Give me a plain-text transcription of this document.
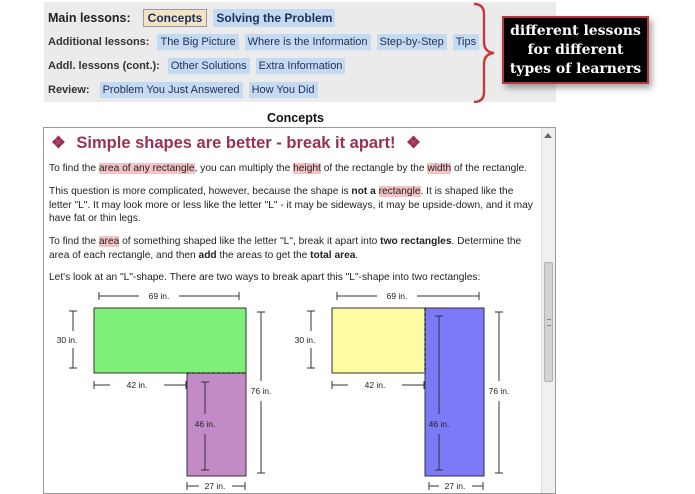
Main lessons:	Concepts	Solving the Problem
Additional lessons: The Big Picture Where is the Information Step-by-Step Tips
Addl. lessons (cont.): Other Solutions Extra Information
Review: Problem You Just Answered How You Did
different lessons
for different
types of learners
Concepts
❖ Simple shapes are better - break it apart! ❖
To find the area of any rectangle, you can multiply the height of the rectangle by the width of the rectangle.
This question is more complicated, however, because the shape is not a rectangle. It is shaped like the letter "L". It may look more or less like the letter "L" - it may be sideways, it may be upside-down, and it may have fat or thin legs.
To find the area of something shaped like the letter "L", break it apart into two rectangles. Determine the area of each rectangle, and then add the areas to get the total area.
Let's look at an "L"-shape. There are two ways to break apart this "L"-shape into two rectangles:
69 in.
30 in.
42 in.
46 in.
76 in.
27 in.
69 in.
30 in.
42 in.
46 in.
76 in.
27 in.
